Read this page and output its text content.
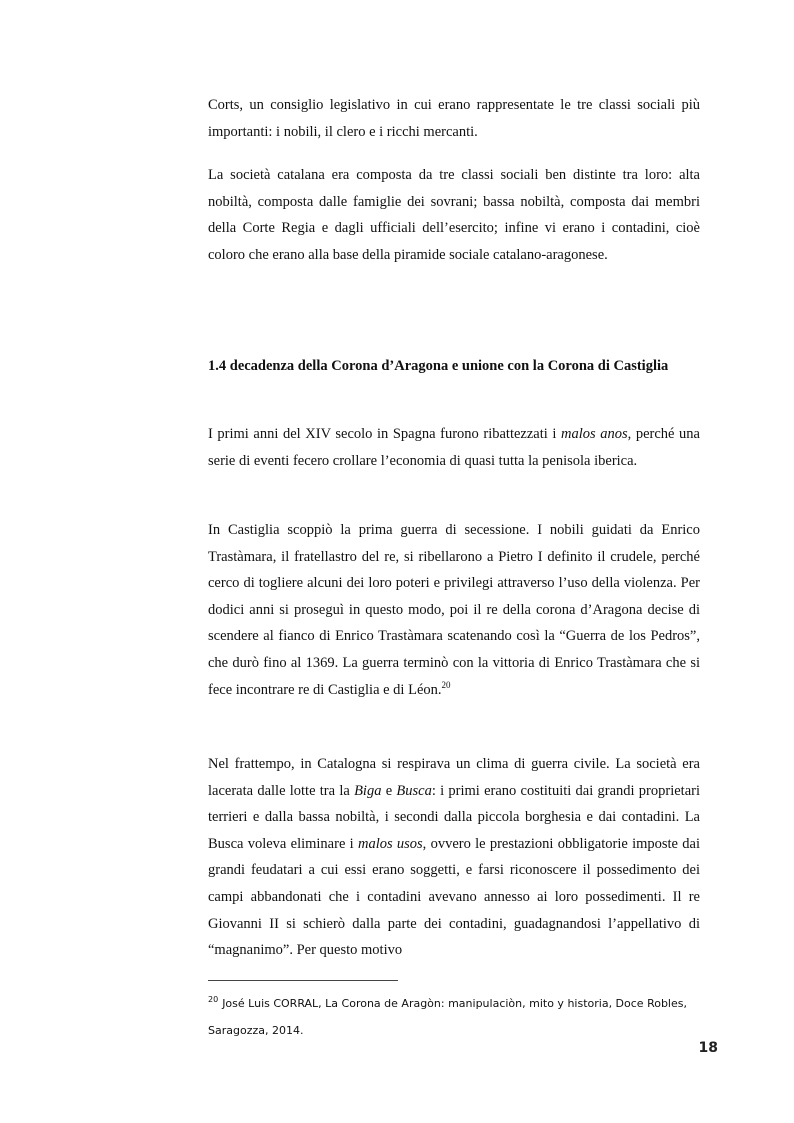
Corts, un consiglio legislativo in cui erano rappresentate le tre classi sociali più importanti: i nobili, il clero e i ricchi mercanti.

La società catalana era composta da tre classi sociali ben distinte tra loro: alta nobiltà, composta dalle famiglie dei sovrani; bassa nobiltà, composta dai membri della Corte Regia e dagli ufficiali dell’esercito; infine vi erano i contadini, cioè coloro che erano alla base della piramide sociale catalano-aragonese.

1.4 decadenza della Corona d’Aragona e unione con la Corona di Castiglia

I primi anni del XIV secolo in Spagna furono ribattezzati i malos anos, perché una serie di eventi fecero crollare l’economia di quasi tutta la penisola iberica.

In Castiglia scoppiò la prima guerra di secessione. I nobili guidati da Enrico Trastàmara, il fratellastro del re, si ribellarono a Pietro I definito il crudele, perché cerco di togliere alcuni dei loro poteri e privilegi attraverso l’uso della violenza. Per dodici anni si proseguì in questo modo, poi il re della corona d’Aragona decise di scendere al fianco di Enrico Trastàmara scatenando così la “Guerra de los Pedros”, che durò fino al 1369. La guerra terminò con la vittoria di Enrico Trastàmara che si fece incontrare re di Castiglia e di Léon.$^{20}$

Nel frattempo, in Catalogna si respirava un clima di guerra civile. La società era lacerata dalle lotte tra la Biga e Busca: i primi erano costituiti dai grandi proprietari terrieri e dalla bassa nobiltà, i secondi dalla piccola borghesia e dai contadini. La Busca voleva eliminare i malos usos, ovvero le prestazioni obbligatorie imposte dai grandi feudatari a cui essi erano soggetti, e farsi riconoscere il possedimento dei campi abbandonati che i contadini avevano annesso ai loro possedimenti. Il re Giovanni II si schierò dalla parte dei contadini, guadagnandosi l’appellativo di “magnanimo”. Per questo motivo

$^{20}$ José Luis CORRAL, La Corona de Aragòn: manipulaciòn, mito y historia, Doce Robles, Saragozza, 2014.
18
